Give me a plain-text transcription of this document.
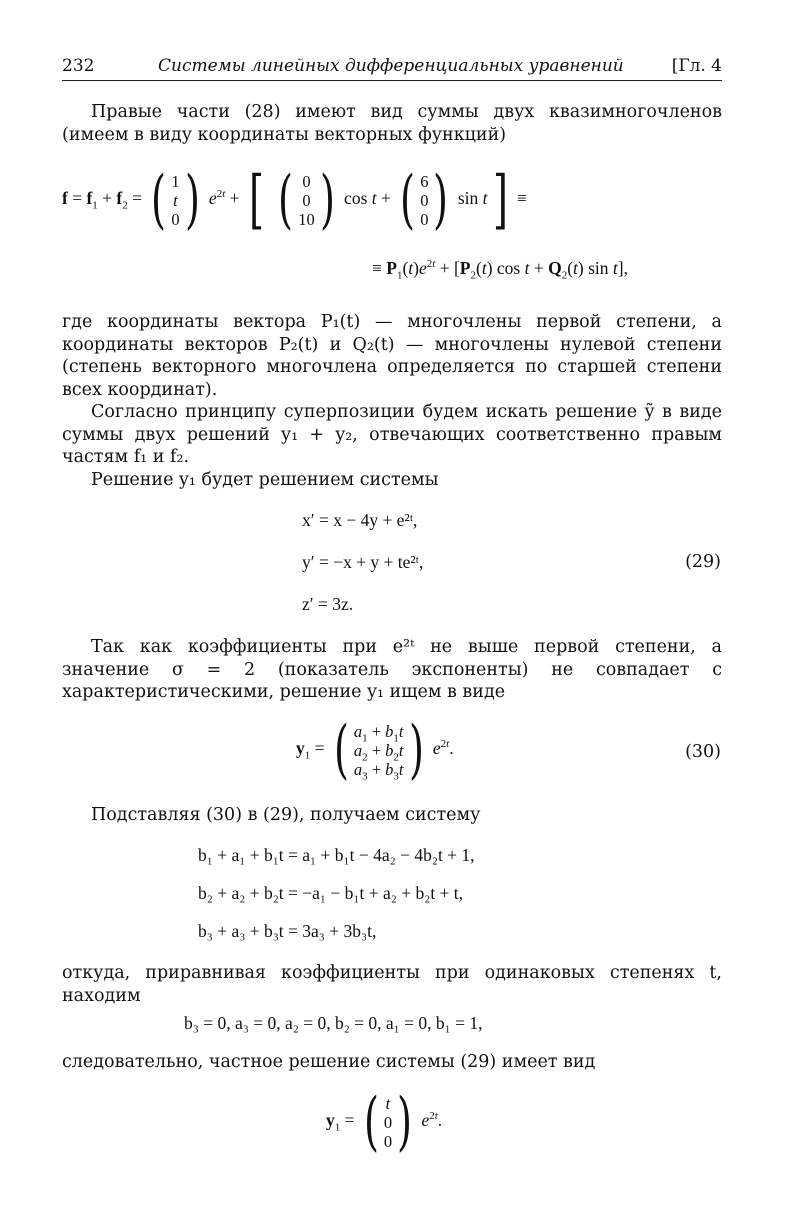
232	Системы линейных дифференциальных уравнений	[Гл. 4
Правые части (28) имеют вид суммы двух квазимногочленов (имеем в виду координаты векторных функций)
$f = f_1 + f_2$ = ( 1
t
0 ) $e^{2t}$ + [ ( 0
0
10 ) cos t + ( 6
0
0 ) sin t] ≡
≡ $P_1(t)e^{2t} + [P_2(t)$ $\cos t + Q_2(t)$ sin t],
где координаты вектора P₁(t) — многочлены первой степени, а координаты векторов P₂(t) и Q₂(t) — многочлены нулевой степени (степень векторного многочлена определяется по старшей степени всех координат).
Согласно принципу суперпозиции будем искать решение ỹ в виде суммы двух решений y₁ + y₂, отвечающих соответственно правым частям f₁ и f₂.
Решение y₁ будет решением системы
x′ = x − 4y + e²ᵗ,
y′ = −x + y + te²ᵗ,
z′ = 3z.
(29)
Так как коэффициенты при e²ᵗ не выше первой степени, а значение σ = 2 (показатель экспоненты) не совпадает с характеристическими, решение y₁ ищем в виде
$y_1$ = ( $a_1 + b_1t$
$a_2 + b_2t$
$a_3 + b_3t$ ) $e^{2t}$.	(30)
Подставляя (30) в (29), получаем систему
b₁ + a₁ + b₁t = a₁ + b₁t − 4a₂ − 4b₂t + 1,
b₂ + a₂ + b₂t = −a₁ − b₁t + a₂ + b₂t + t,
b₃ + a₃ + b₃t = 3a₃ + 3b₃t,
откуда, приравнивая коэффициенты при одинаковых степенях t, находим
b₃ = 0, a₃ = 0, a₂ = 0, b₂ = 0, a₁ = 0, b₁ = 1,
следовательно, частное решение системы (29) имеет вид
$y_1$ = ( t
0
0 ) $e^{2t}$.
